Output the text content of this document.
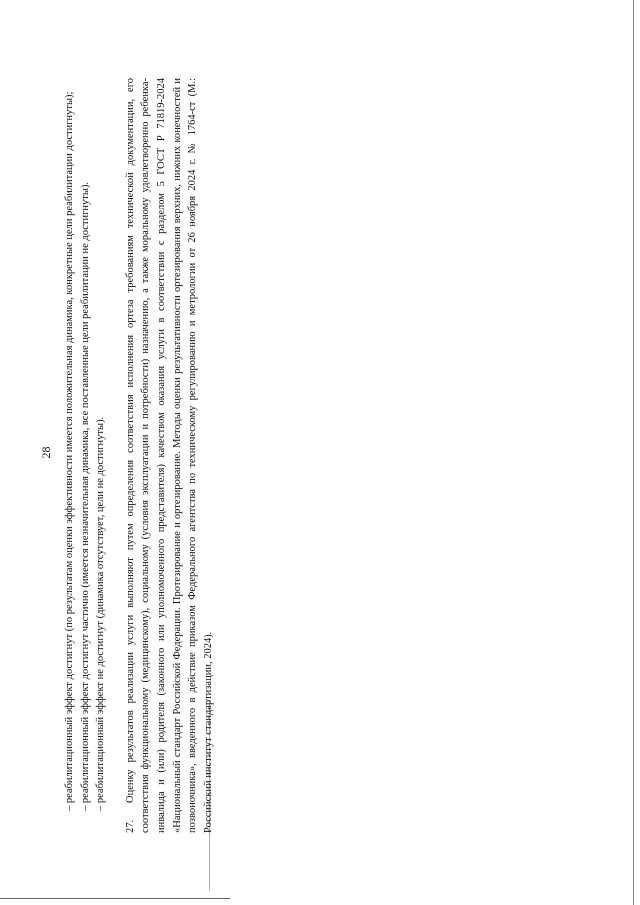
28 – реабилитационный эффект достигнут (по результатам оценки эффективности имеется положительная динамика, конкретные цели реабилитации достигнуты); – реабилитационный эффект достигнут частично (имеется незначительная динамика, все поставленные цели реабилитации не достигнуты). – реабилитационный эффект не достигнут (динамика отсутствует, цели не достигнуты).

27.Оценку результатов реализации услуги выполняют путем определения соответствия исполнения ортеза требованиям технической документации, его соответствия функциональному (медицинскому), социальному (условия эксплуатации и потребности) назначению, а также моральному удовлетворенно ребенка-инвалида и (или) родителя (законного или уполномоченного представителя) качеством оказания услуги в соответствии с разделом 5 ГОСТ Р 71819-2024 «Национальный стандарт Российской Федерации. Протезирование и ортезирование. Методы оценки результативности ортезирования верхних, нижних конечностей и позвоночника», введенного в действие приказом Федерального агентства по техническому регулированию и метрологии от 26 ноября 2024 г. № 1764-ст (М.: Российский институт стандартизации, 2024).
